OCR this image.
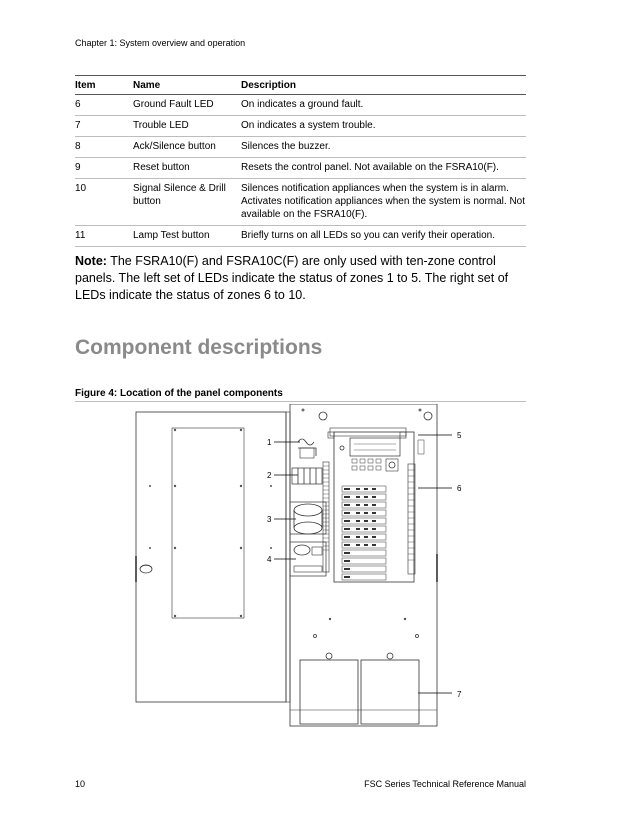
Chapter 1: System overview and operation
Item	Name	Description
6	Ground Fault LED	On indicates a ground fault.
7	Trouble LED	On indicates a system trouble.
8	Ack/Silence button	Silences the buzzer.
9	Reset button	Resets the control panel. Not available on the FSRA10(F).
10	Signal Silence & Drill button	Silences notification appliances when the system is in alarm. Activates notification appliances when the system is normal. Not available on the FSRA10(F).
11	Lamp Test button	Briefly turns on all LEDs so you can verify their operation.
Note: The FSRA10(F) and FSRA10C(F) are only used with ten-zone control panels. The left set of LEDs indicate the status of zones 1 to 5. The right set of LEDs indicate the status of zones 6 to 10.
Component descriptions
Figure 4: Location of the panel components
1
2
3
4
5
6
7
10	FSC Series Technical Reference Manual
